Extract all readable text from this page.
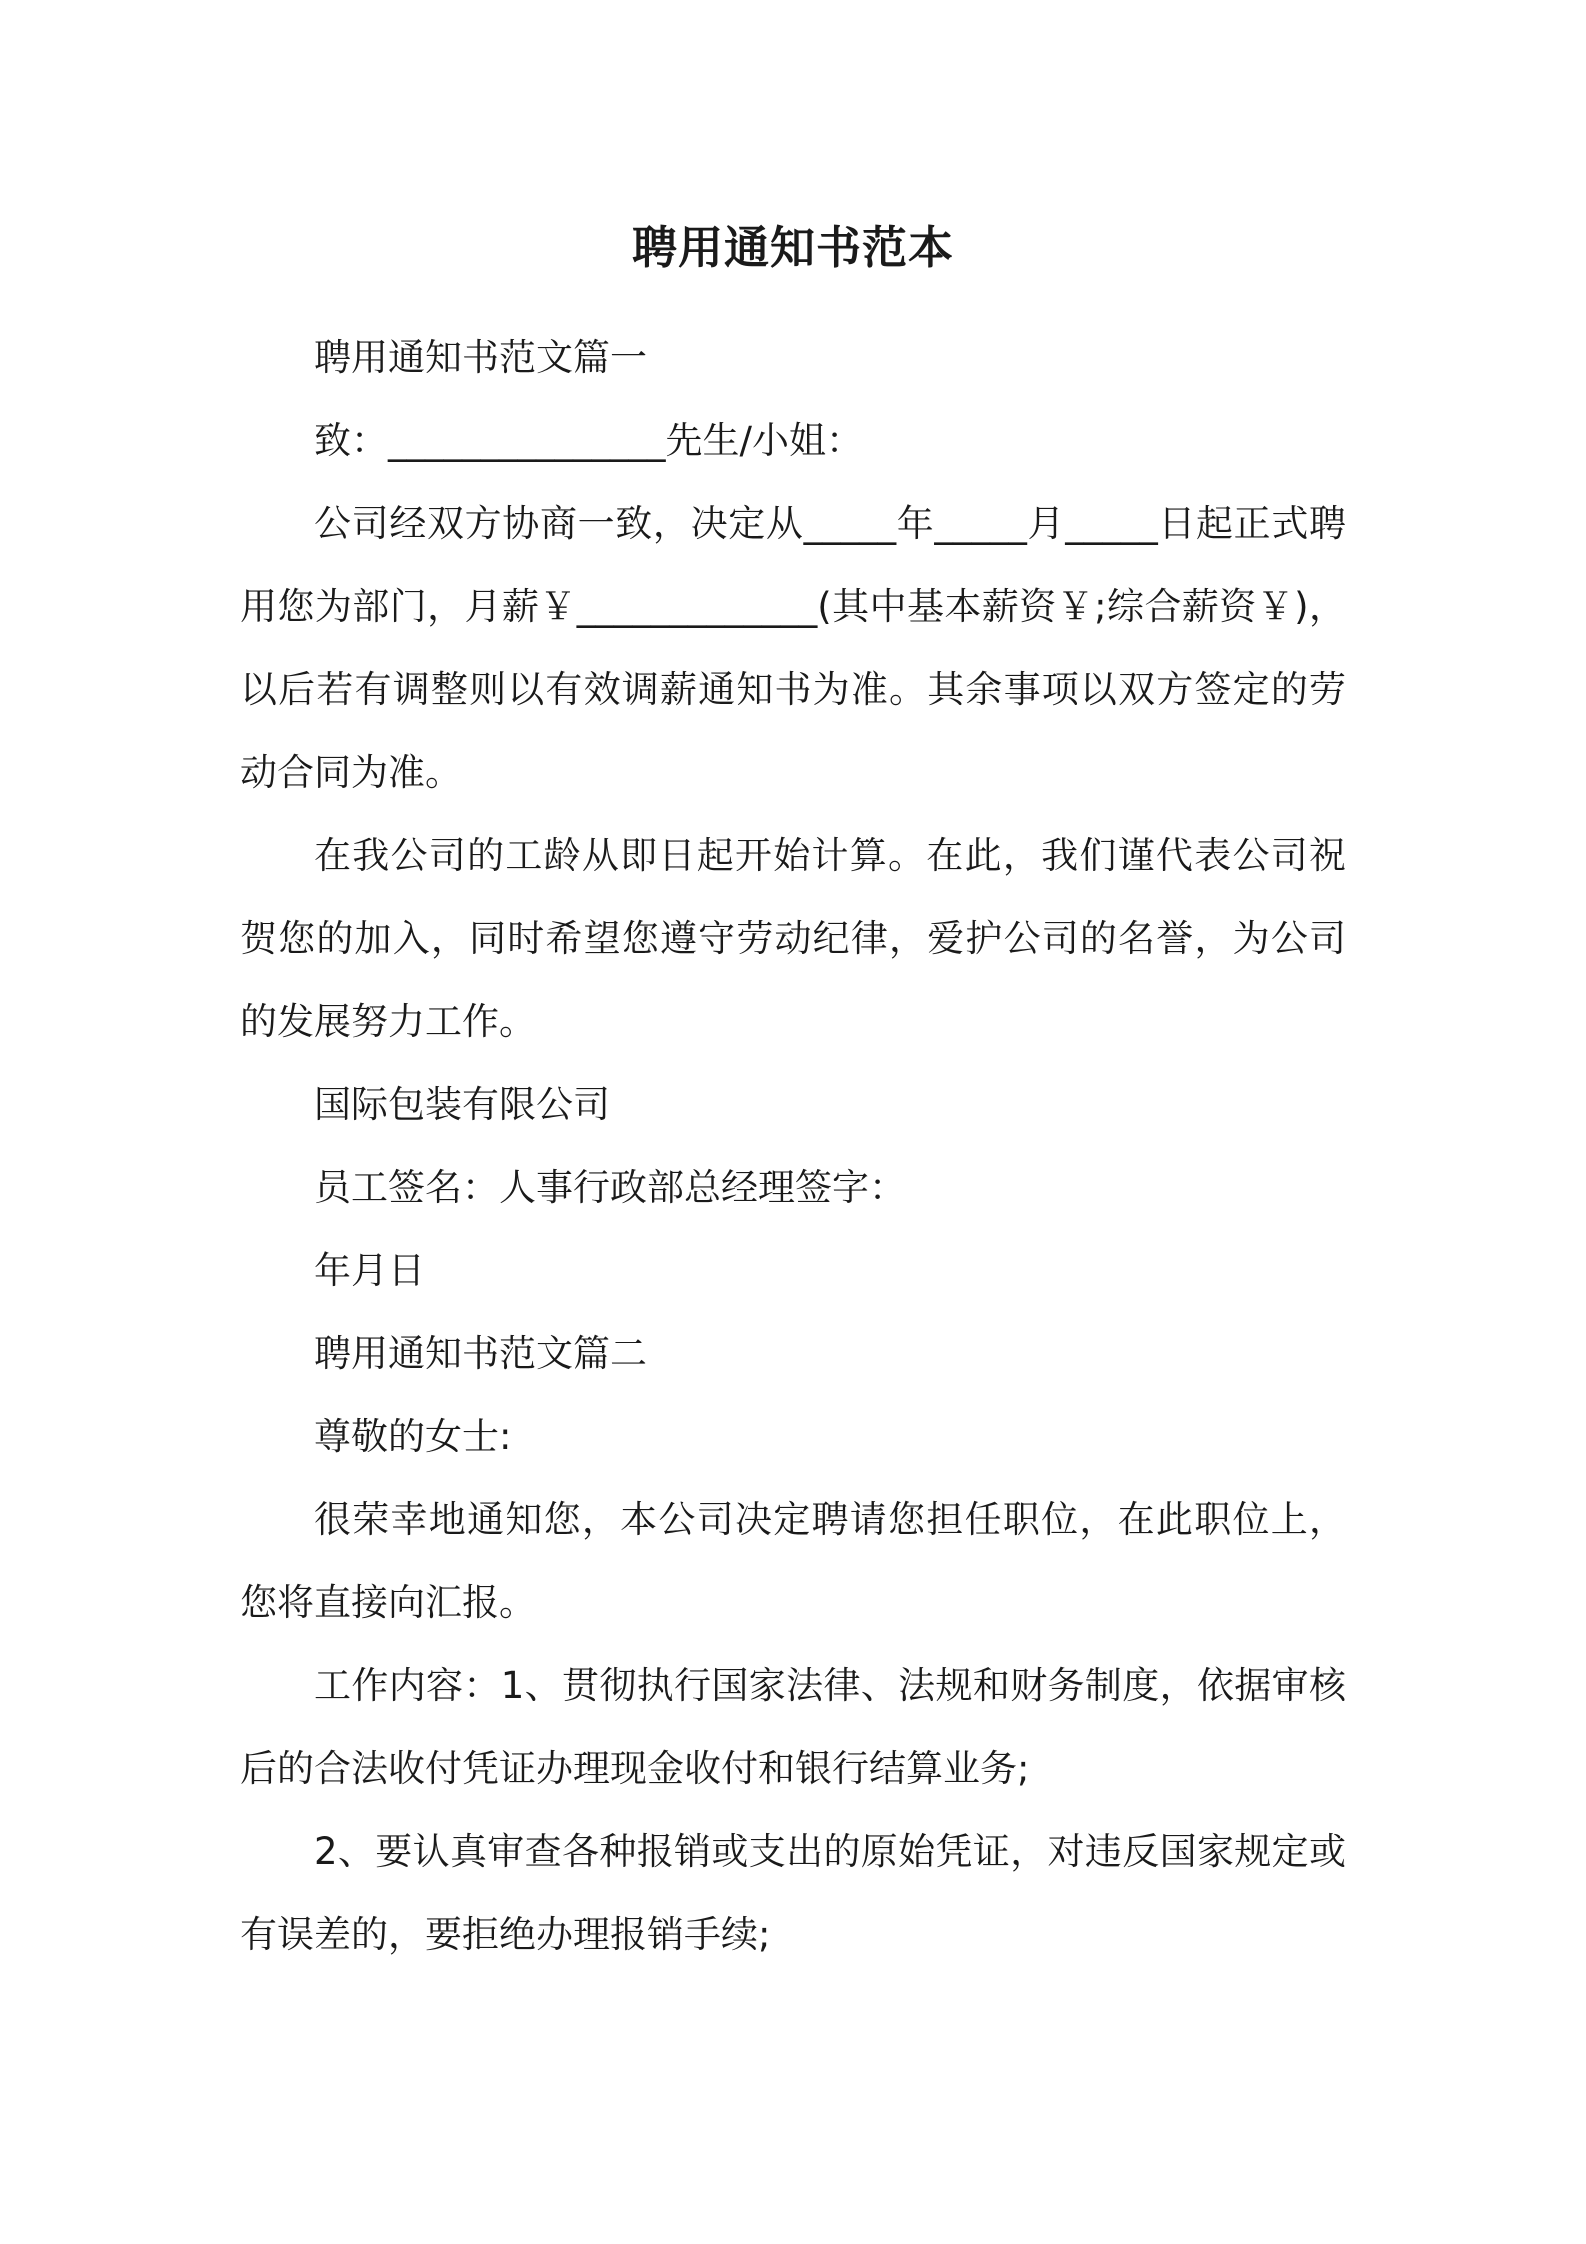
聘用通知书范本

聘用通知书范文篇一

致：_______________先生/小姐：

公司经双方协商一致，决定从_____年_____月_____日起正式聘用您为部门，月薪￥_____________(其中基本薪资￥;综合薪资￥)，以后若有调整则以有效调薪通知书为准。其余事项以双方签定的劳动合同为准。

在我公司的工龄从即日起开始计算。在此，我们谨代表公司祝贺您的加入，同时希望您遵守劳动纪律，爱护公司的名誉，为公司的发展努力工作。

国际包装有限公司

员工签名：人事行政部总经理签字：

年月日

聘用通知书范文篇二

尊敬的女士:

很荣幸地通知您，本公司决定聘请您担任职位，在此职位上，您将直接向汇报。

工作内容：1、贯彻执行国家法律、法规和财务制度，依据审核后的合法收付凭证办理现金收付和银行结算业务;

2、要认真审查各种报销或支出的原始凭证，对违反国家规定或有误差的，要拒绝办理报销手续;
